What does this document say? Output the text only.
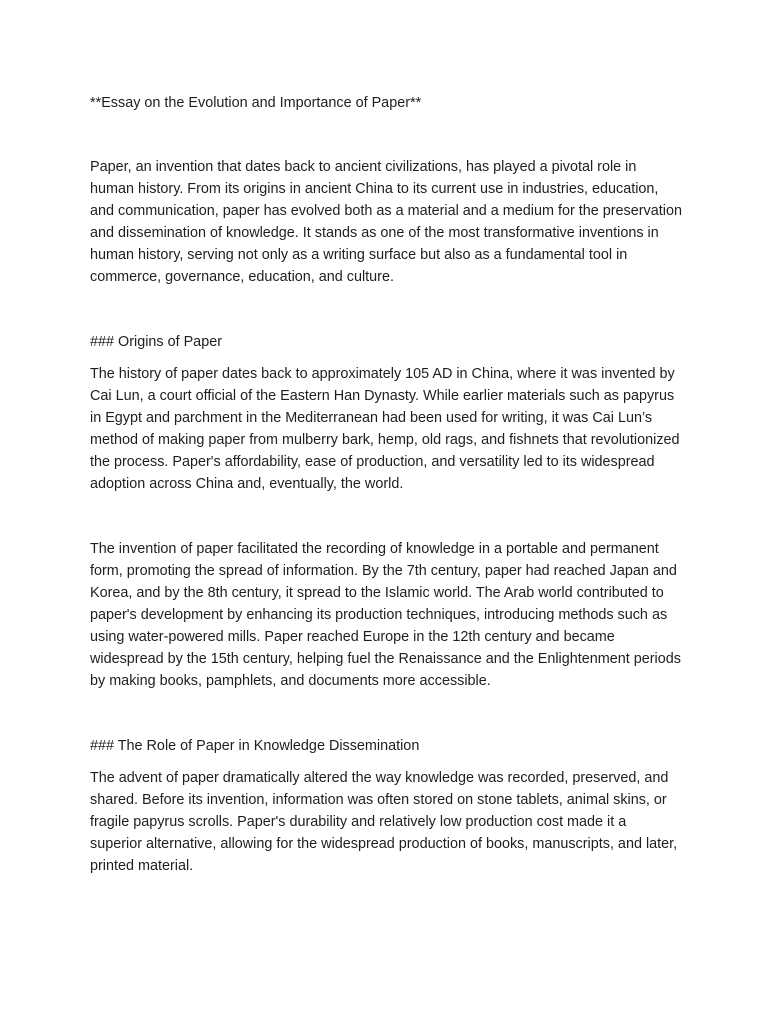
**Essay on the Evolution and Importance of Paper**

Paper, an invention that dates back to ancient civilizations, has played a pivotal role in human history. From its origins in ancient China to its current use in industries, education, and communication, paper has evolved both as a material and a medium for the preservation and dissemination of knowledge. It stands as one of the most transformative inventions in human history, serving not only as a writing surface but also as a fundamental tool in commerce, governance, education, and culture.

### Origins of Paper

The history of paper dates back to approximately 105 AD in China, where it was invented by Cai Lun, a court official of the Eastern Han Dynasty. While earlier materials such as papyrus in Egypt and parchment in the Mediterranean had been used for writing, it was Cai Lun’s method of making paper from mulberry bark, hemp, old rags, and fishnets that revolutionized the process. Paper's affordability, ease of production, and versatility led to its widespread adoption across China and, eventually, the world.

The invention of paper facilitated the recording of knowledge in a portable and permanent form, promoting the spread of information. By the 7th century, paper had reached Japan and Korea, and by the 8th century, it spread to the Islamic world. The Arab world contributed to paper's development by enhancing its production techniques, introducing methods such as using water-powered mills. Paper reached Europe in the 12th century and became widespread by the 15th century, helping fuel the Renaissance and the Enlightenment periods by making books, pamphlets, and documents more accessible.

### The Role of Paper in Knowledge Dissemination

The advent of paper dramatically altered the way knowledge was recorded, preserved, and shared. Before its invention, information was often stored on stone tablets, animal skins, or fragile papyrus scrolls. Paper's durability and relatively low production cost made it a superior alternative, allowing for the widespread production of books, manuscripts, and later, printed material.
